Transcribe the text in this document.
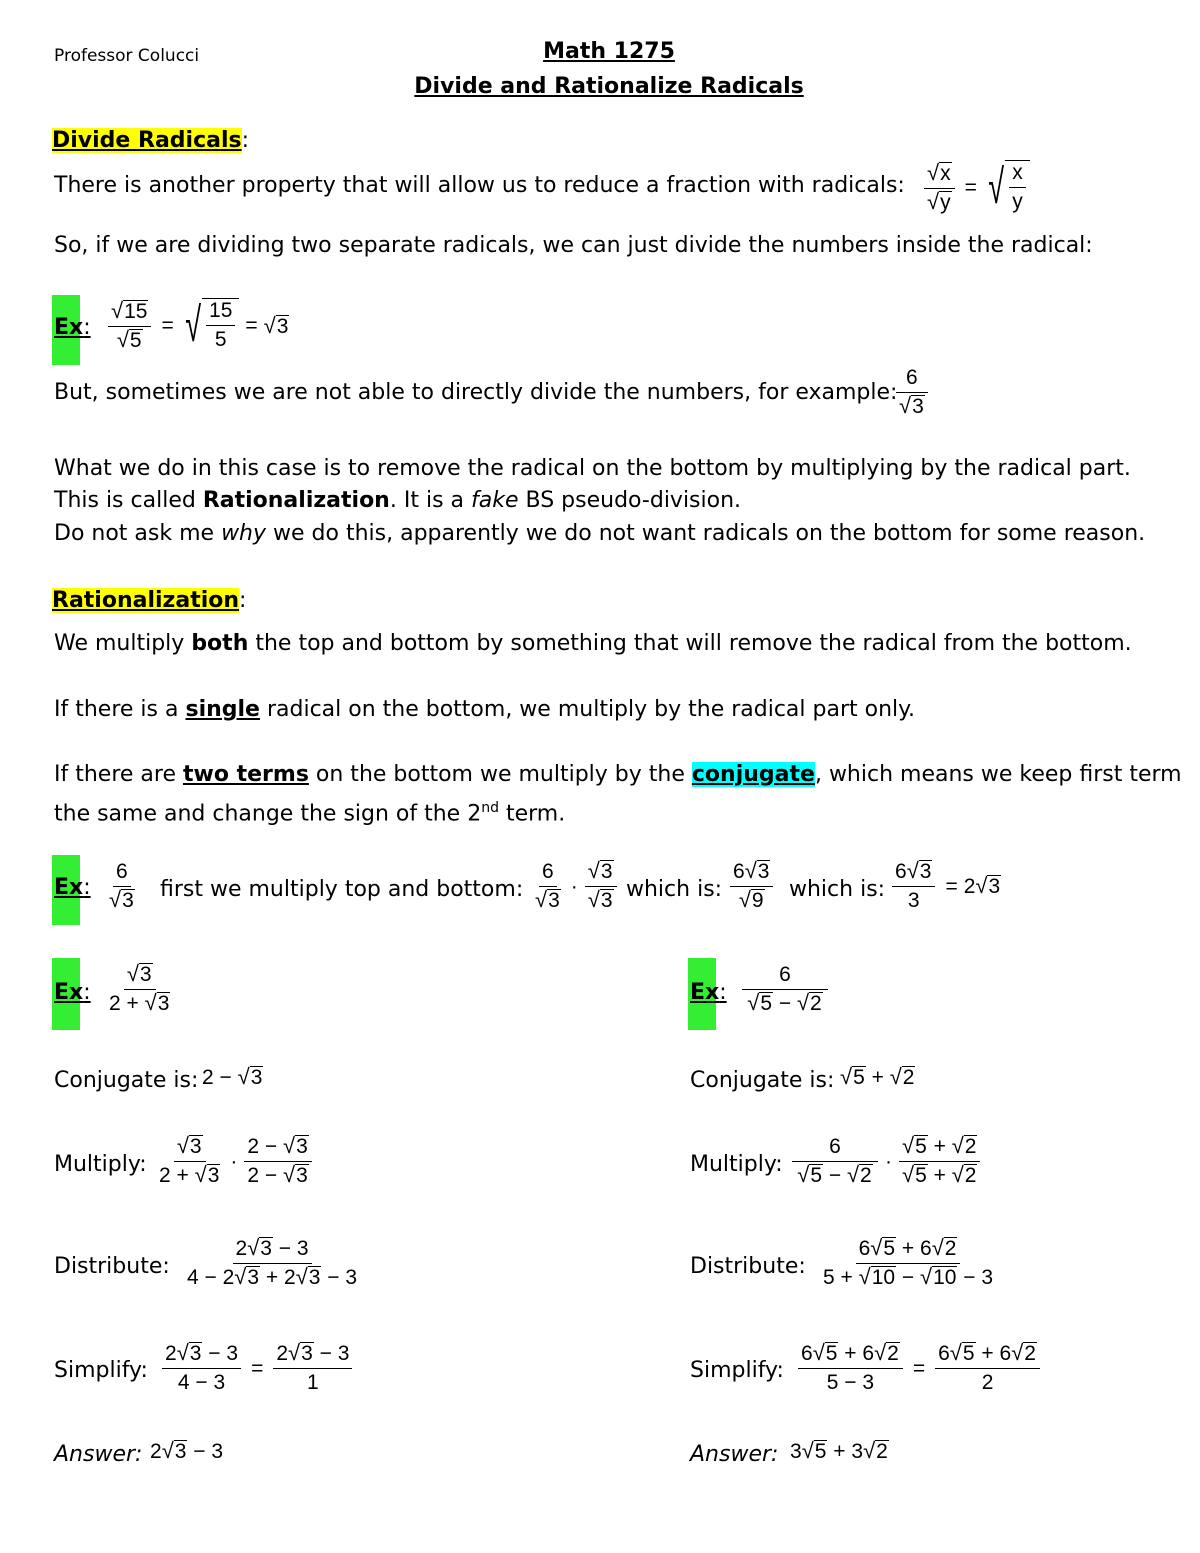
Professor Colucci	Math 1275
Divide and Rationalize Radicals
Divide Radicals:
There is another property that will allow us to reduce a fraction with radicals: $\frac{√ x}{√ y}$ = √ $\frac{x}{y}$
So, if we are dividing two separate radicals, we can just divide the numbers inside the radical:
Ex: $\frac{√ 15}{√ 5}$ = √ $\frac{15}{5}$ = √ 3
But, sometimes we are not able to directly divide the numbers, for example:
$\frac{6}{√ 3}$
What we do in this case is to remove the radical on the bottom by multiplying by the radical part.
This is called Rationalization. It is a fake BS pseudo-division.
Do not ask me why we do this, apparently we do not want radicals on the bottom for some reason.
Rationalization:
We multiply both the top and bottom by something that will remove the radical from the bottom.
If there is a single radical on the bottom, we multiply by the radical part only.
If there are two terms on the bottom we multiply by the conjugate, which means we keep first term
the same and change the sign of the 2nd term.
Ex: $\frac{6}{√ 3}$ first we multiply top and bottom: $\frac{6}{√ 3} \cdot \frac{√ 3}{√ 3}$ which is: $\frac{6 √ 3}{√ 9}$ which is: $\frac{6 √ 3}{3} = 2$ √ 3
Ex: $\frac{√ 3}{2 + √ 3}$
Conjugate is: 2 − √ 3
Multiply: $\frac{√ 3}{2 + √ 3} \cdot \frac{2 - √ 3}{2 - √ 3}$
Distribute: $\frac{2 √ 3 - 3}{4 - 2 √ 3 + 2 √ 3 - 3}$
Simplify: $\frac{2 √ 3 - 3}{4 - 3} = \frac{2 √ 3 - 3}{1}$
Answer: 2 √ 3 − 3
Ex: $\frac{6}{√ 5 - √ 2}$
Conjugate is: √ 5 + √ 2
Multiply: $\frac{6}{√ 5 - √ 2} \cdot \frac{√ 5 + √ 2}{√ 5 + √ 2}$
Distribute: $\frac{6 √ 5 + 6 √ 2}{5 + √ 10 - √ 10 - 3}$
Simplify: $\frac{6 √ 5 + 6 √ 2}{5 - 3} = \frac{6 √ 5 + 6 √ 2}{2}$
Answer: 3 √ 5 + 3 √ 2
